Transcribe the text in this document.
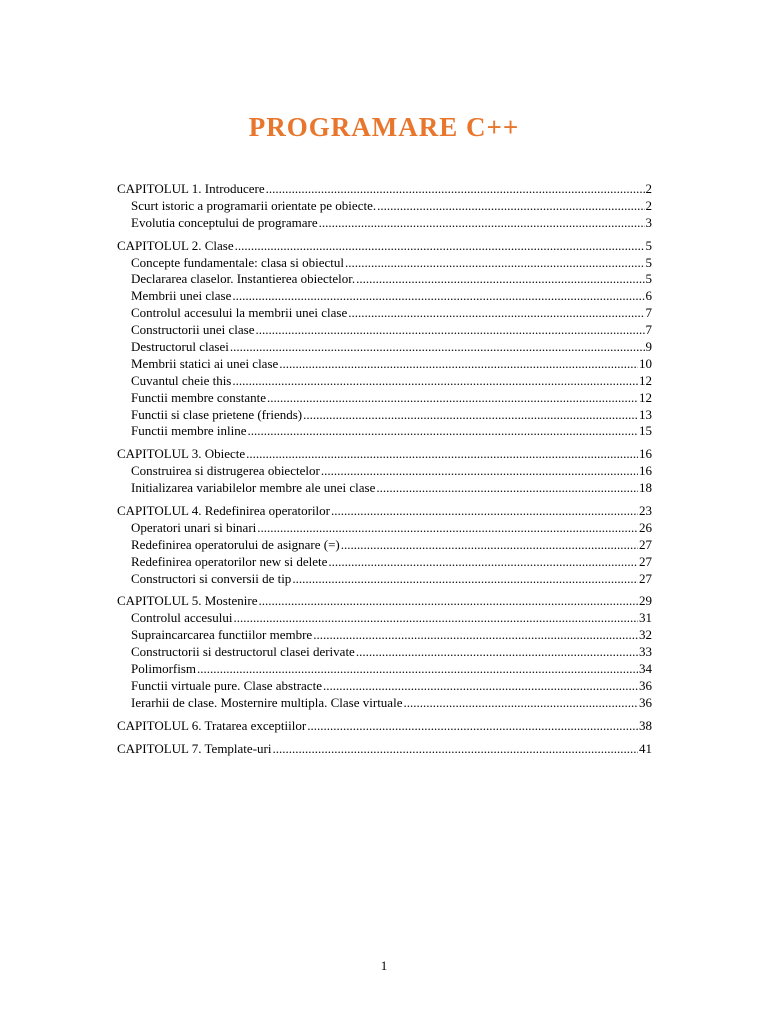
PROGRAMARE C++
CAPITOLUL 1. Introducere .....	2
Scurt istoric a programarii orientate pe obiecte. .....	2
Evolutia conceptului de programare .....	3
CAPITOLUL 2. Clase .....	5
Concepte fundamentale: clasa si obiectul .....	5
Declararea claselor. Instantierea obiectelor. .....	5
Membrii unei clase .....	6
Controlul accesului la membrii unei clase .....	7
Constructorii unei clase .....	7
Destructorul clasei .....	9
Membrii statici ai unei clase .....	10
Cuvantul cheie this .....	12
Functii membre constante .....	12
Functii si clase prietene (friends) .....	13
Functii membre inline .....	15
CAPITOLUL 3. Obiecte .....	16
Construirea si distrugerea obiectelor .....	16
Initializarea variabilelor membre ale unei clase .....	18
CAPITOLUL 4. Redefinirea operatorilor .....	23
Operatori unari si binari .....	26
Redefinirea operatorului de asignare (=) .....	27
Redefinirea operatorilor new si delete .....	27
Constructori si conversii de tip .....	27
CAPITOLUL 5. Mostenire .....	29
Controlul accesului .....	31
Supraincarcarea functiilor membre .....	32
Constructorii si destructorul clasei derivate .....	33
Polimorfism .....	34
Functii virtuale pure. Clase abstracte .....	36
Ierarhii de clase. Mosternire multipla. Clase virtuale .....	36
CAPITOLUL 6. Tratarea exceptiilor .....	38
CAPITOLUL 7. Template-uri .....	41
1
